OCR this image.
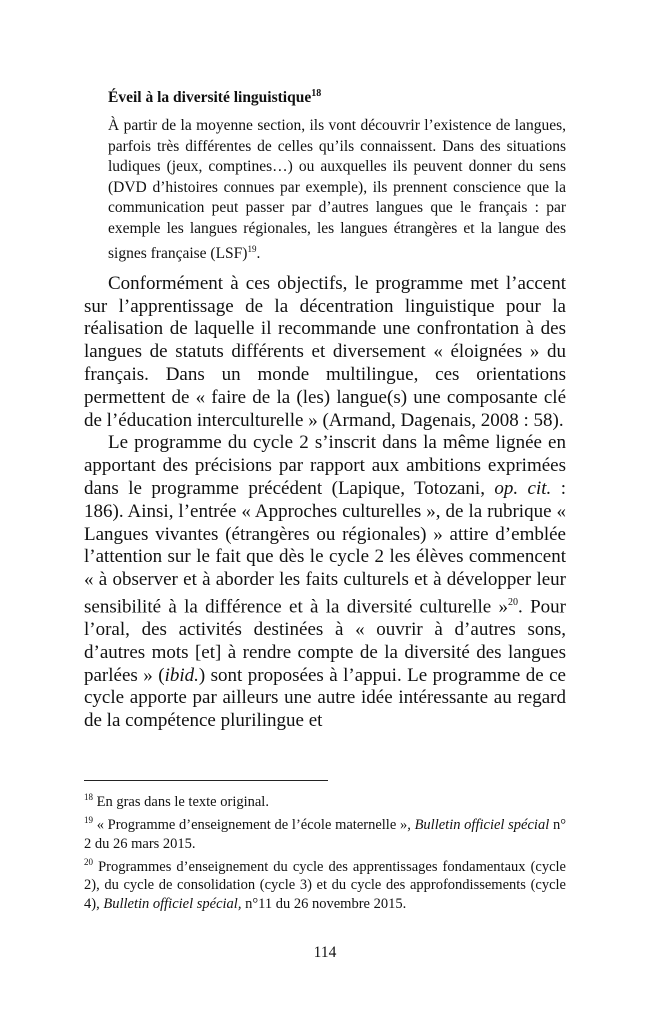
Éveil à la diversité linguistique$^{18}$

À partir de la moyenne section, ils vont découvrir l’existence de langues, parfois très différentes de celles qu’ils connaissent. Dans des situations ludiques (jeux, comptines…) ou auxquelles ils peuvent donner du sens (DVD d’histoires connues par exemple), ils prennent conscience que la communication peut passer par d’autres langues que le français : par exemple les langues régionales, les langues étrangères et la langue des signes française (LSF)$^{19}$.

Conformément à ces objectifs, le programme met l’accent sur l’apprentissage de la décentration linguistique pour la réalisation de laquelle il recommande une confrontation à des langues de statuts différents et diversement « éloignées » du français. Dans un monde multilingue, ces orientations permettent de « faire de la (les) langue(s) une composante clé de l’éducation interculturelle » (Armand, Dagenais, 2008 : 58).

Le programme du cycle 2 s’inscrit dans la même lignée en apportant des précisions par rapport aux ambitions exprimées dans le programme précédent (Lapique, Totozani, op. cit. : 186). Ainsi, l’entrée « Approches culturelles », de la rubrique « Langues vivantes (étrangères ou régionales) » attire d’emblée l’attention sur le fait que dès le cycle 2 les élèves commencent « à observer et à aborder les faits culturels et à développer leur sensibilité à la différence et à la diversité culturelle »$^{20}$. Pour l’oral, des activités destinées à « ouvrir à d’autres sons, d’autres mots [et] à rendre compte de la diversité des langues parlées » (ibid.) sont proposées à l’appui. Le programme de ce cycle apporte par ailleurs une autre idée intéressante au regard de la compétence plurilingue et

$^{18}$ En gras dans le texte original.

$^{19}$ « Programme d’enseignement de l’école maternelle », Bulletin officiel spécial n° 2 du 26 mars 2015.

$^{20}$ Programmes d’enseignement du cycle des apprentissages fondamentaux (cycle 2), du cycle de consolidation (cycle 3) et du cycle des approfondissements (cycle 4), Bulletin officiel spécial, n°11 du 26 novembre 2015.

114
